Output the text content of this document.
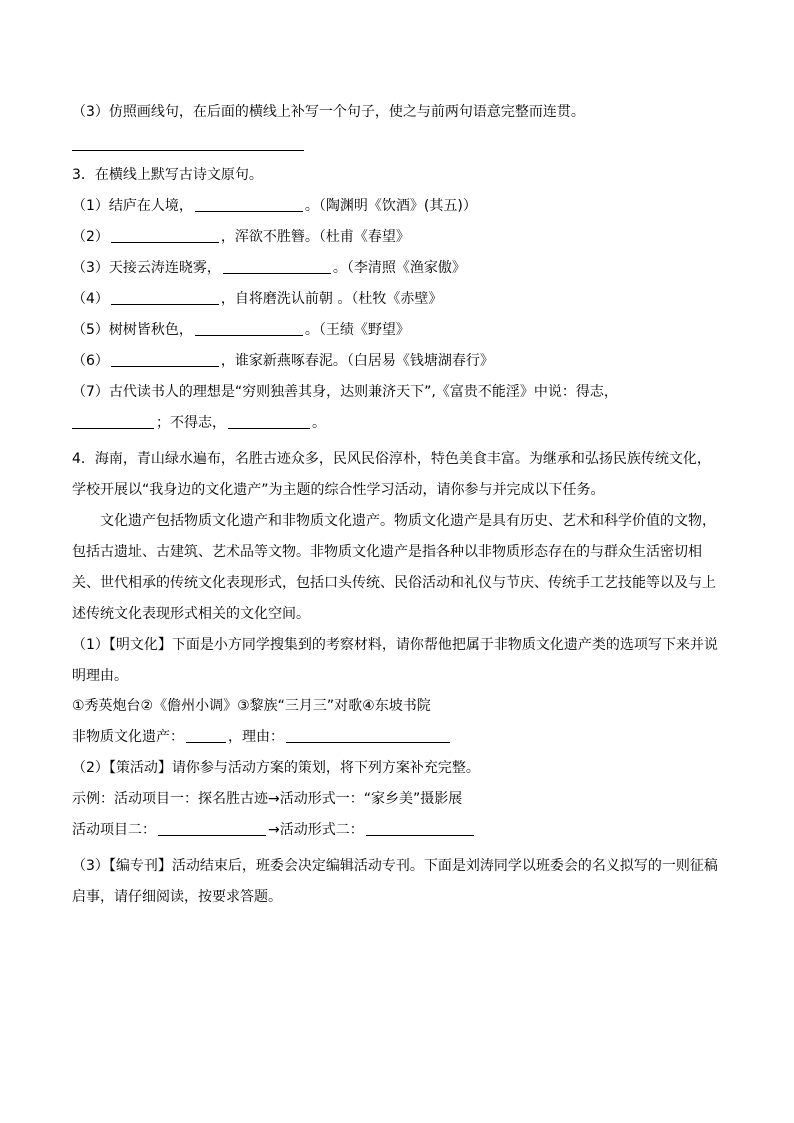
（3）仿照画线句，在后面的横线上补写一个句子，使之与前两句语意完整而连贯。
3．在横线上默写古诗文原句。
（1）结庐在人境，	。（陶渊明《饮酒》(其五)）
（2）	，浑欲不胜簪。（杜甫《春望》
（3）天接云涛连晓雾，	。（李清照《渔家傲》
（4）	，自将磨洗认前朝 。（杜牧《赤壁》
（5）树树皆秋色，	。（王绩《野望》
（6）	，谁家新燕啄春泥。（白居易《钱塘湖春行》
（7）古代读书人的理想是“穷则独善其身，达则兼济天下”,《富贵不能淫》中说：得志，
；不得志，	。
4．海南，青山绿水遍布，名胜古迹众多，民风民俗淳朴，特色美食丰富。为继承和弘扬民族传统文化，学校开展以“我身边的文化遗产”为主题的综合性学习活动，请你参与并完成以下任务。
文化遗产包括物质文化遗产和非物质文化遗产。物质文化遗产是具有历史、艺术和科学价值的文物，包括古遗址、古建筑、艺术品等文物。非物质文化遗产是指各种以非物质形态存在的与群众生活密切相关、世代相承的传统文化表现形式，包括口头传统、民俗活动和礼仪与节庆、传统手工艺技能等以及与上述传统文化表现形式相关的文化空间。
（1）【明文化】下面是小方同学搜集到的考察材料，请你帮他把属于非物质文化遗产类的选项写下来并说明理由。
①秀英炮台②《儋州小调》③黎族“三月三”对歌④东坡书院
非物质文化遗产：	，理由：
（2）【策活动】请你参与活动方案的策划，将下列方案补充完整。
示例：活动项目一：探名胜古迹→活动形式一：“家乡美”摄影展
活动项目二：	→活动形式二：
（3）【编专刊】活动结束后，班委会决定编辑活动专刊。下面是刘涛同学以班委会的名义拟写的一则征稿启事，请仔细阅读，按要求答题。
